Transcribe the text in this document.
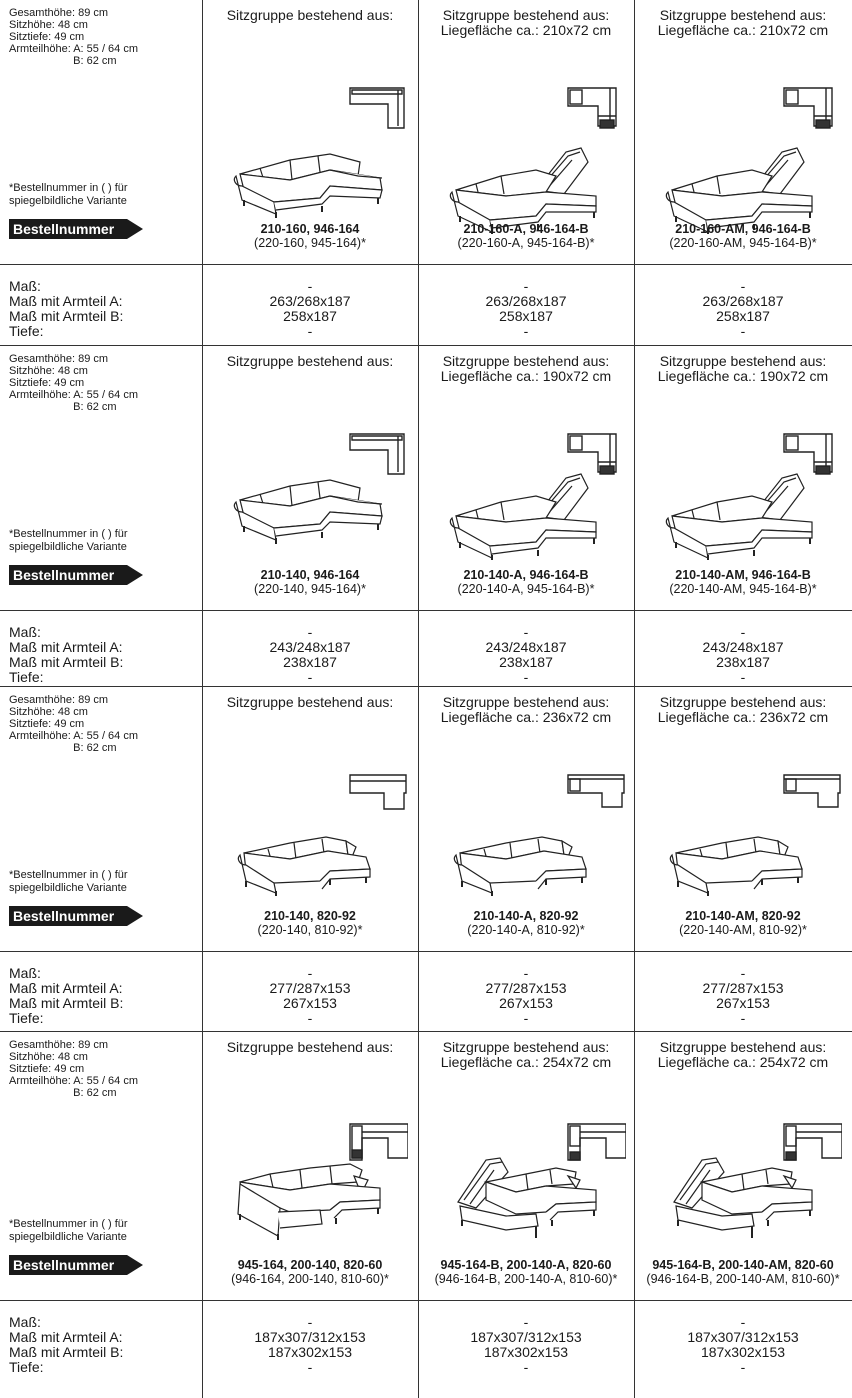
Gesamthöhe: 89 cm
Sitzhöhe: 48 cm
Sitztiefe: 49 cm
Armteilhöhe: A: 55 / 64 cm
B: 62 cm
*Bestellnummer in ( ) für
spiegelbildliche Variante
Bestellnummer
Sitzgruppe bestehend aus:
210-160, 946-164
(220-160, 945-164)*
Sitzgruppe bestehend aus:
Liegefläche ca.: 210x72 cm
210-160-A, 946-164-B
(220-160-A, 945-164-B)*
Sitzgruppe bestehend aus:
Liegefläche ca.: 210x72 cm
210-160-AM, 946-164-B
(220-160-AM, 945-164-B)*
Maß:
Maß mit Armteil A:
Maß mit Armteil B:
Tiefe:
-
263/268x187
258x187
-
-
263/268x187
258x187
-
-
263/268x187
258x187
-
Gesamthöhe: 89 cm
Sitzhöhe: 48 cm
Sitztiefe: 49 cm
Armteilhöhe: A: 55 / 64 cm
B: 62 cm
*Bestellnummer in ( ) für
spiegelbildliche Variante
Bestellnummer
Sitzgruppe bestehend aus:
210-140, 946-164
(220-140, 945-164)*
Sitzgruppe bestehend aus:
Liegefläche ca.: 190x72 cm
210-140-A, 946-164-B
(220-140-A, 945-164-B)*
Sitzgruppe bestehend aus:
Liegefläche ca.: 190x72 cm
210-140-AM, 946-164-B
(220-140-AM, 945-164-B)*
Maß:
Maß mit Armteil A:
Maß mit Armteil B:
Tiefe:
-
243/248x187
238x187
-
-
243/248x187
238x187
-
-
243/248x187
238x187
-
Gesamthöhe: 89 cm
Sitzhöhe: 48 cm
Sitztiefe: 49 cm
Armteilhöhe: A: 55 / 64 cm
B: 62 cm
*Bestellnummer in ( ) für
spiegelbildliche Variante
Bestellnummer
Sitzgruppe bestehend aus:
210-140, 820-92
(220-140, 810-92)*
Sitzgruppe bestehend aus:
Liegefläche ca.: 236x72 cm
210-140-A, 820-92
(220-140-A, 810-92)*
Sitzgruppe bestehend aus:
Liegefläche ca.: 236x72 cm
210-140-AM, 820-92
(220-140-AM, 810-92)*
Maß:
Maß mit Armteil A:
Maß mit Armteil B:
Tiefe:
-
277/287x153
267x153
-
-
277/287x153
267x153
-
-
277/287x153
267x153
-
Gesamthöhe: 89 cm
Sitzhöhe: 48 cm
Sitztiefe: 49 cm
Armteilhöhe: A: 55 / 64 cm
B: 62 cm
*Bestellnummer in ( ) für
spiegelbildliche Variante
Bestellnummer
Sitzgruppe bestehend aus:
945-164, 200-140, 820-60
(946-164, 200-140, 810-60)*
Sitzgruppe bestehend aus:
Liegefläche ca.: 254x72 cm
945-164-B, 200-140-A, 820-60
(946-164-B, 200-140-A, 810-60)*
Sitzgruppe bestehend aus:
Liegefläche ca.: 254x72 cm
945-164-B, 200-140-AM, 820-60
(946-164-B, 200-140-AM, 810-60)*
Maß:
Maß mit Armteil A:
Maß mit Armteil B:
Tiefe:
-
187x307/312x153
187x302x153
-
-
187x307/312x153
187x302x153
-
-
187x307/312x153
187x302x153
-
